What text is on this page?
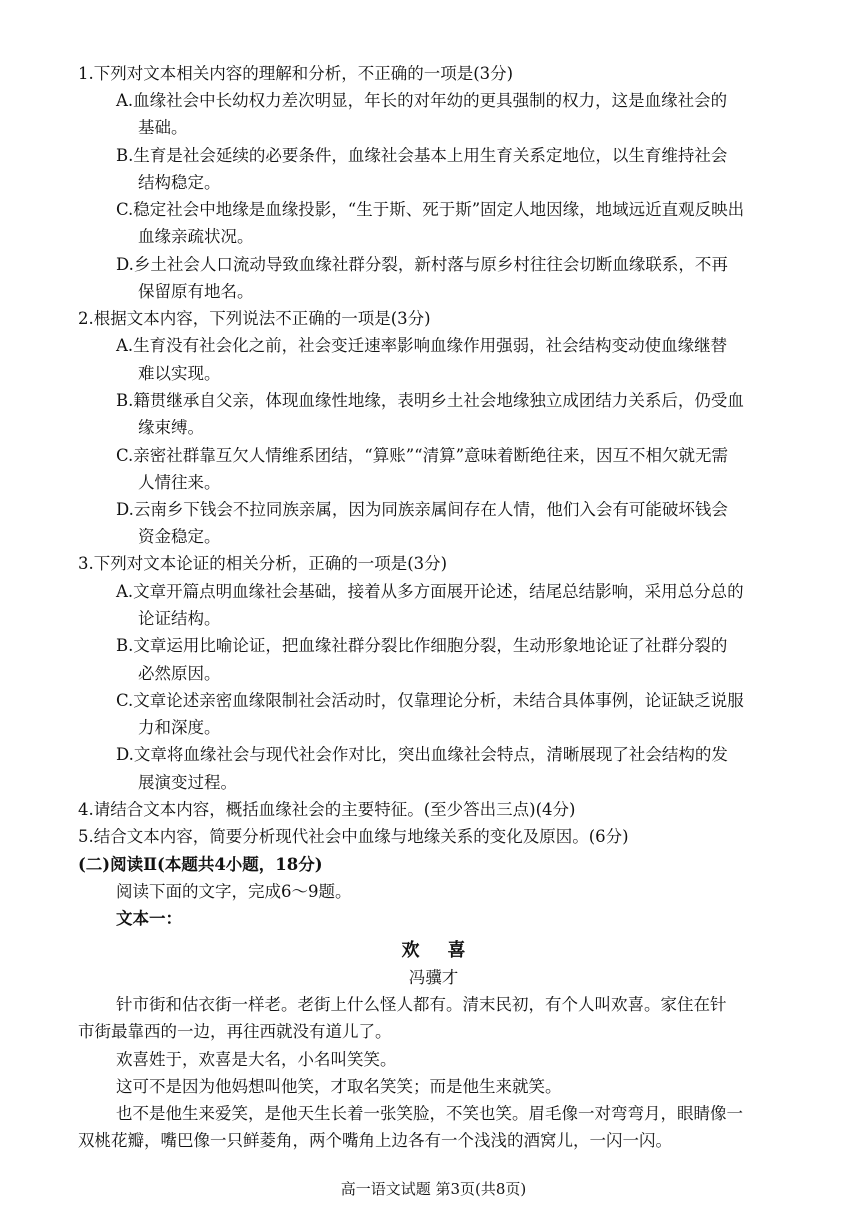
1.下列对文本相关内容的理解和分析，不正确的一项是(3分)
A.血缘社会中长幼权力差次明显，年长的对年幼的更具强制的权力，这是血缘社会的
基础。
B.生育是社会延续的必要条件，血缘社会基本上用生育关系定地位，以生育维持社会
结构稳定。
C.稳定社会中地缘是血缘投影，“生于斯、死于斯”固定人地因缘，地域远近直观反映出
血缘亲疏状况。
D.乡土社会人口流动导致血缘社群分裂，新村落与原乡村往往会切断血缘联系，不再
保留原有地名。
2.根据文本内容，下列说法不正确的一项是(3分)
A.生育没有社会化之前，社会变迁速率影响血缘作用强弱，社会结构变动使血缘继替
难以实现。
B.籍贯继承自父亲，体现血缘性地缘，表明乡土社会地缘独立成团结力关系后，仍受血
缘束缚。
C.亲密社群靠互欠人情维系团结，“算账”“清算”意味着断绝往来，因互不相欠就无需
人情往来。
D.云南乡下钱会不拉同族亲属，因为同族亲属间存在人情，他们入会有可能破坏钱会
资金稳定。
3.下列对文本论证的相关分析，正确的一项是(3分)
A.文章开篇点明血缘社会基础，接着从多方面展开论述，结尾总结影响，采用总分总的
论证结构。
B.文章运用比喻论证，把血缘社群分裂比作细胞分裂，生动形象地论证了社群分裂的
必然原因。
C.文章论述亲密血缘限制社会活动时，仅靠理论分析，未结合具体事例，论证缺乏说服
力和深度。
D.文章将血缘社会与现代社会作对比，突出血缘社会特点，清晰展现了社会结构的发
展演变过程。
4.请结合文本内容，概括血缘社会的主要特征。(至少答出三点)(4分)
5.结合文本内容，简要分析现代社会中血缘与地缘关系的变化及原因。(6分)
(二)阅读Ⅱ(本题共4小题，18分)
阅读下面的文字，完成6～9题。
文本一：
欢喜
冯骥才
针市街和估衣街一样老。老街上什么怪人都有。清末民初，有个人叫欢喜。家住在针
市街最靠西的一边，再往西就没有道儿了。
欢喜姓于，欢喜是大名，小名叫笑笑。
这可不是因为他妈想叫他笑，才取名笑笑；而是他生来就笑。
也不是他生来爱笑，是他天生长着一张笑脸，不笑也笑。眉毛像一对弯弯月，眼睛像一
双桃花瓣，嘴巴像一只鲜菱角，两个嘴角上边各有一个浅浅的酒窝儿，一闪一闪。
高一语文试题 第3页(共8页)
